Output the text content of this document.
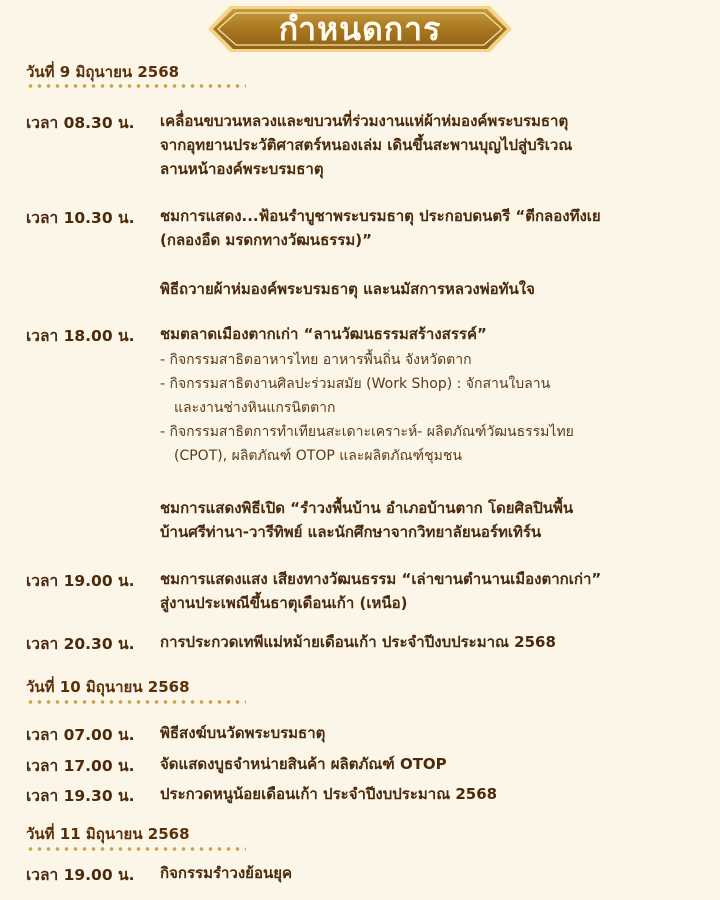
กำหนดการ
วันที่ 9 มิถุนายน 2568
เวลา 08.30 น.	เคลื่อนขบวนหลวงและขบวนที่ร่วมงานแห่ผ้าห่มองค์พระบรมธาตุ
จากอุทยานประวัติศาสตร์หนองเล่ม เดินขึ้นสะพานบุญไปสู่บริเวณ
ลานหน้าองค์พระบรมธาตุ
เวลา 10.30 น.	ชมการแสดง...ฟ้อนรำบูชาพระบรมธาตุ ประกอบดนตรี “ตีกลองทึงเย
(กลองอืด มรดกทางวัฒนธรรม)”
พิธีถวายผ้าห่มองค์พระบรมธาตุ และนมัสการหลวงพ่อทันใจ
เวลา 18.00 น.	ชมตลาดเมืองตากเก่า “ลานวัฒนธรรมสร้างสรรค์”
- กิจกรรมสาธิตอาหารไทย อาหารพื้นถิ่น จังหวัดตาก
- กิจกรรมสาธิตงานศิลปะร่วมสมัย (Work Shop) : จักสานใบลาน
และงานช่างหินแกรนิตตาก
- กิจกรรมสาธิตการทำเทียนสะเดาะเคราะห์- ผลิตภัณฑ์วัฒนธรรมไทย
(CPOT), ผลิตภัณฑ์ OTOP และผลิตภัณฑ์ชุมชน
ชมการแสดงพิธีเปิด “รำวงพื้นบ้าน อำเภอบ้านตาก โดยศิลปินพื้น
บ้านศรีท่านา-วารีทิพย์ และนักศึกษาจากวิทยาลัยนอร์ทเทิร์น
เวลา 19.00 น.	ชมการแสดงแสง เสียงทางวัฒนธรรม “เล่าขานตำนานเมืองตากเก่า”
สู่งานประเพณีขึ้นธาตุเดือนเก้า (เหนือ)
เวลา 20.30 น.	การประกวดเทพีแม่หม้ายเดือนเก้า ประจำปีงบประมาณ 2568
วันที่ 10 มิถุนายน 2568
เวลา 07.00 น.	พิธีสงฆ์บนวัดพระบรมธาตุ
เวลา 17.00 น.	จัดแสดงบูธจำหน่ายสินค้า ผลิตภัณฑ์ OTOP
เวลา 19.30 น.	ประกวดหนูน้อยเดือนเก้า ประจำปีงบประมาณ 2568
วันที่ 11 มิถุนายน 2568
เวลา 19.00 น.	กิจกรรมรำวงย้อนยุค
